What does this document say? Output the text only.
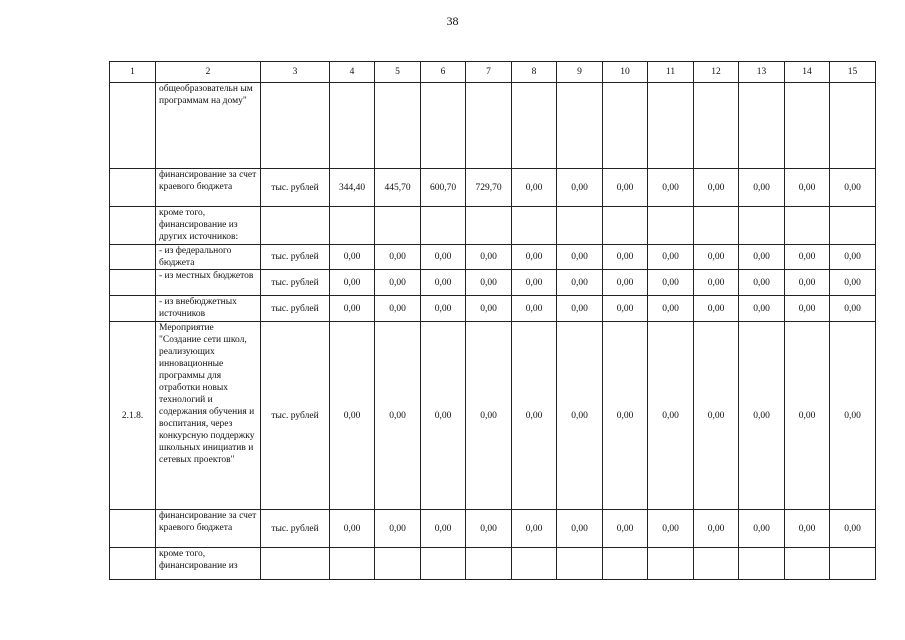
38
1	2	3	4	5	6	7	8	9	10	11	12	13	14	15
	общеобразовательн ым программам на дому"													
	финансирование за счет краевого бюджета	тыс. рублей	344,40	445,70	600,70	729,70	0,00	0,00	0,00	0,00	0,00	0,00	0,00	0,00
	кроме того, финансирование из других источников:													
	- из федерального бюджета	тыс. рублей	0,00	0,00	0,00	0,00	0,00	0,00	0,00	0,00	0,00	0,00	0,00	0,00
	- из местных бюджетов	тыс. рублей	0,00	0,00	0,00	0,00	0,00	0,00	0,00	0,00	0,00	0,00	0,00	0,00
	- из внебюджетных источников	тыс. рублей	0,00	0,00	0,00	0,00	0,00	0,00	0,00	0,00	0,00	0,00	0,00	0,00
2.1.8.	Мероприятие "Создание сети школ, реализующих инновационные программы для отработки новых технологий и содержания обучения и воспитания, через конкурсную поддержку школьных инициатив и сетевых проектов"	тыс. рублей	0,00	0,00	0,00	0,00	0,00	0,00	0,00	0,00	0,00	0,00	0,00	0,00
	финансирование за счет краевого бюджета	тыс. рублей	0,00	0,00	0,00	0,00	0,00	0,00	0,00	0,00	0,00	0,00	0,00	0,00
	кроме того, финансирование из													
